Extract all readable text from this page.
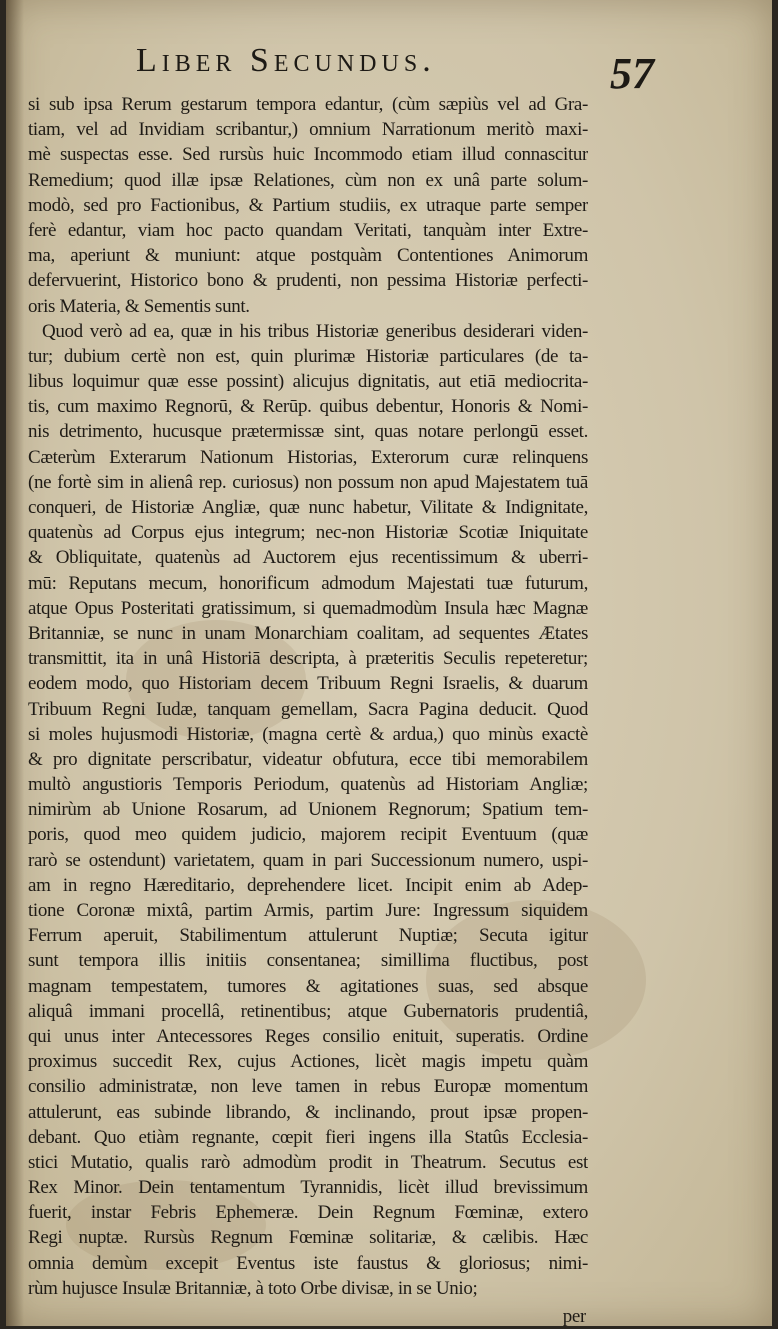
Liber Secundus.	57
si sub ipsa Rerum gestarum tempora edantur, (cùm sæpiùs vel ad Gra-
tiam, vel ad Invidiam scribantur,) omnium Narrationum meritò maxi-
mè suspectas esse. Sed rursùs huic Incommodo etiam illud connascitur
Remedium; quod illæ ipsæ Relationes, cùm non ex unâ parte solum-
modò, sed pro Factionibus, & Partium studiis, ex utraque parte semper
ferè edantur, viam hoc pacto quandam Veritati, tanquàm inter Extre-
ma, aperiunt & muniunt: atque postquàm Contentiones Animorum
defervuerint, Historico bono & prudenti, non pessima Historiæ perfecti-
oris Materia, & Sementis sunt.
Quod verò ad ea, quæ in his tribus Historiæ generibus desiderari viden-
tur; dubium certè non est, quin plurimæ Historiæ particulares (de ta-
libus loquimur quæ esse possint) alicujus dignitatis, aut etiā mediocrita-
tis, cum maximo Regnorū, & Rerūp. quibus debentur, Honoris & Nomi-
nis detrimento, hucusque prætermissæ sint, quas notare perlongū esset.
Cæterùm Exterarum Nationum Historias, Exterorum curæ relinquens
(ne fortè sim in alienâ rep. curiosus) non possum non apud Majestatem tuā
conqueri, de Historiæ Angliæ, quæ nunc habetur, Vilitate & Indignitate,
quatenùs ad Corpus ejus integrum; nec-non Historiæ Scotiæ Iniquitate
& Obliquitate, quatenùs ad Auctorem ejus recentissimum & uberri-
mū: Reputans mecum, honorificum admodum Majestati tuæ futurum,
atque Opus Posteritati gratissimum, si quemadmodùm Insula hæc Magnæ
Britanniæ, se nunc in unam Monarchiam coalitam, ad sequentes Ætates
transmittit, ita in unâ Historiā descripta, à præteritis Seculis repeteretur;
eodem modo, quo Historiam decem Tribuum Regni Israelis, & duarum
Tribuum Regni Iudæ, tanquam gemellam, Sacra Pagina deducit. Quod
si moles hujusmodi Historiæ, (magna certè & ardua,) quo minùs exactè
& pro dignitate perscribatur, videatur obfutura, ecce tibi memorabilem
multò angustioris Temporis Periodum, quatenùs ad Historiam Angliæ;
nimirùm ab Unione Rosarum, ad Unionem Regnorum; Spatium tem-
poris, quod meo quidem judicio, majorem recipit Eventuum (quæ
rarò se ostendunt) varietatem, quam in pari Successionum numero, uspi-
am in regno Hæreditario, deprehendere licet. Incipit enim ab Adep-
tione Coronæ mixtâ, partim Armis, partim Jure: Ingressum siquidem
Ferrum aperuit, Stabilimentum attulerunt Nuptiæ; Secuta igitur
sunt tempora illis initiis consentanea; simillima fluctibus, post
magnam tempestatem, tumores & agitationes suas, sed absque
aliquâ immani procellâ, retinentibus; atque Gubernatoris prudentiâ,
qui unus inter Antecessores Reges consilio enituit, superatis. Ordine
proximus succedit Rex, cujus Actiones, licèt magis impetu quàm
consilio administratæ, non leve tamen in rebus Europæ momentum
attulerunt, eas subinde librando, & inclinando, prout ipsæ propen-
debant. Quo etiàm regnante, cœpit fieri ingens illa Statûs Ecclesia-
stici Mutatio, qualis rarò admodùm prodit in Theatrum. Secutus est
Rex Minor. Dein tentamentum Tyrannidis, licèt illud brevissimum
fuerit, instar Febris Ephemeræ. Dein Regnum Fœminæ, extero
Regi nuptæ. Rursùs Regnum Fœminæ solitariæ, & cælibis. Hæc
omnia demùm excepit Eventus iste faustus & gloriosus; nimi-
rùm hujusce Insulæ Britanniæ, à toto Orbe divisæ, in se Unio;
per
